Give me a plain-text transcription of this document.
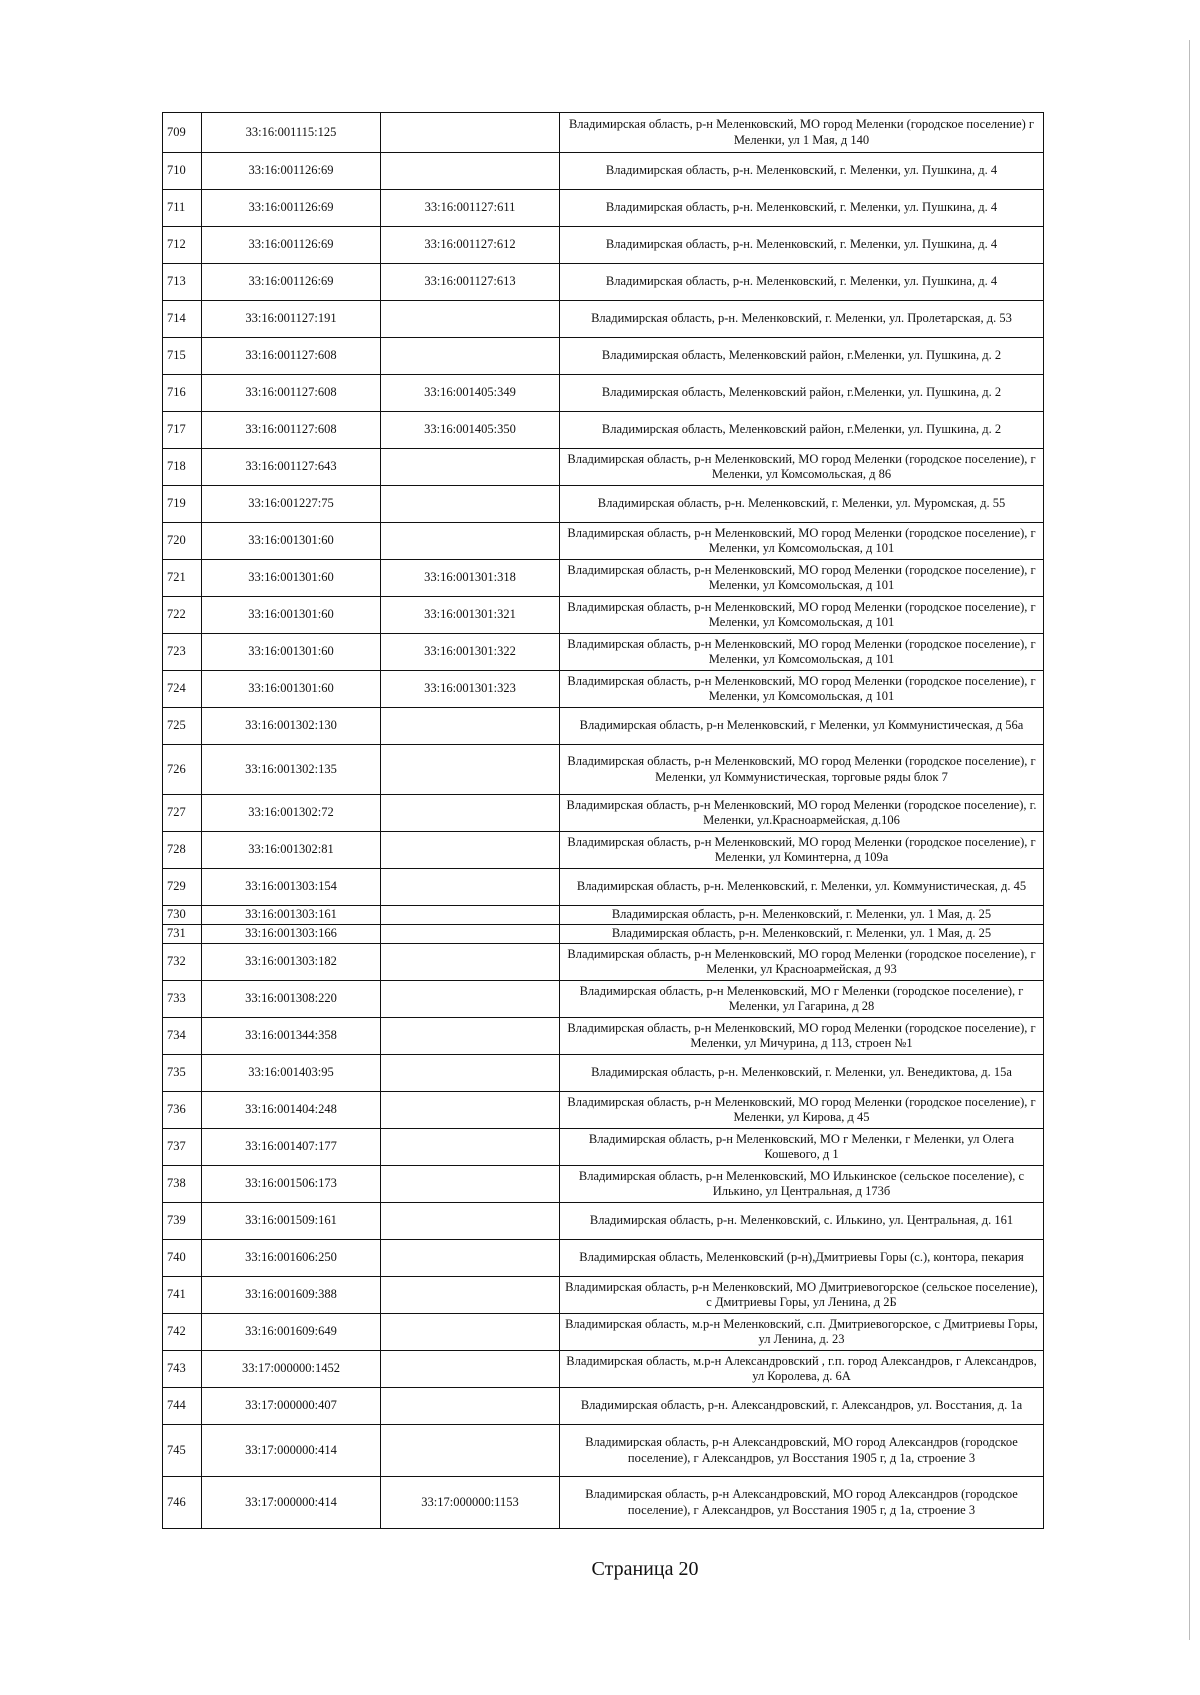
709	33:16:001115:125		Владимирская область, р-н Меленковский, МО город Меленки (городское поселение) г Меленки, ул 1 Мая, д 140
710	33:16:001126:69		Владимирская область, р-н. Меленковский, г. Меленки, ул. Пушкина, д. 4
711	33:16:001126:69	33:16:001127:611	Владимирская область, р-н. Меленковский, г. Меленки, ул. Пушкина, д. 4
712	33:16:001126:69	33:16:001127:612	Владимирская область, р-н. Меленковский, г. Меленки, ул. Пушкина, д. 4
713	33:16:001126:69	33:16:001127:613	Владимирская область, р-н. Меленковский, г. Меленки, ул. Пушкина, д. 4
714	33:16:001127:191		Владимирская область, р-н. Меленковский, г. Меленки, ул. Пролетарская, д. 53
715	33:16:001127:608		Владимирская область, Меленковский район, г.Меленки, ул. Пушкина, д. 2
716	33:16:001127:608	33:16:001405:349	Владимирская область, Меленковский район, г.Меленки, ул. Пушкина, д. 2
717	33:16:001127:608	33:16:001405:350	Владимирская область, Меленковский район, г.Меленки, ул. Пушкина, д. 2
718	33:16:001127:643		Владимирская область, р-н Меленковский, МО город Меленки (городское поселение), г Меленки, ул Комсомольская, д 86
719	33:16:001227:75		Владимирская область, р-н. Меленковский, г. Меленки, ул. Муромская, д. 55
720	33:16:001301:60		Владимирская область, р-н Меленковский, МО город Меленки (городское поселение), г Меленки, ул Комсомольская, д 101
721	33:16:001301:60	33:16:001301:318	Владимирская область, р-н Меленковский, МО город Меленки (городское поселение), г Меленки, ул Комсомольская, д 101
722	33:16:001301:60	33:16:001301:321	Владимирская область, р-н Меленковский, МО город Меленки (городское поселение), г Меленки, ул Комсомольская, д 101
723	33:16:001301:60	33:16:001301:322	Владимирская область, р-н Меленковский, МО город Меленки (городское поселение), г Меленки, ул Комсомольская, д 101
724	33:16:001301:60	33:16:001301:323	Владимирская область, р-н Меленковский, МО город Меленки (городское поселение), г Меленки, ул Комсомольская, д 101
725	33:16:001302:130		Владимирская область, р-н Меленковский, г Меленки, ул Коммунистическая, д 56а
726	33:16:001302:135		Владимирская область, р-н Меленковский, МО город Меленки (городское поселение), г Меленки, ул Коммунистическая, торговые ряды блок 7
727	33:16:001302:72		Владимирская область, р-н Меленковский, МО город Меленки (городское поселение), г. Меленки, ул.Красноармейская, д.106
728	33:16:001302:81		Владимирская область, р-н Меленковский, МО город Меленки (городское поселение), г Меленки, ул Коминтерна, д 109а
729	33:16:001303:154		Владимирская область, р-н. Меленковский, г. Меленки, ул. Коммунистическая, д. 45
730	33:16:001303:161		Владимирская область, р-н. Меленковский, г. Меленки, ул. 1 Мая, д. 25
731	33:16:001303:166		Владимирская область, р-н. Меленковский, г. Меленки, ул. 1 Мая, д. 25
732	33:16:001303:182		Владимирская область, р-н Меленковский, МО город Меленки (городское поселение), г Меленки, ул Красноармейская, д 93
733	33:16:001308:220		Владимирская область, р-н Меленковский, МО г Меленки (городское поселение), г Меленки, ул Гагарина, д 28
734	33:16:001344:358		Владимирская область, р-н Меленковский, МО город Меленки (городское поселение), г Меленки, ул Мичурина, д 113, строен №1
735	33:16:001403:95		Владимирская область, р-н. Меленковский, г. Меленки, ул. Венедиктова, д. 15а
736	33:16:001404:248		Владимирская область, р-н Меленковский, МО город Меленки (городское поселение), г Меленки, ул Кирова, д 45
737	33:16:001407:177		Владимирская область, р-н Меленковский, МО г Меленки, г Меленки, ул Олега Кошевого, д 1
738	33:16:001506:173		Владимирская область, р-н Меленковский, МО Илькинское (сельское поселение), с Илькино, ул Центральная, д 173б
739	33:16:001509:161		Владимирская область, р-н. Меленковский, с. Илькино, ул. Центральная, д. 161
740	33:16:001606:250		Владимирская область, Меленковский (р-н),Дмитриевы Горы (с.), контора, пекария
741	33:16:001609:388		Владимирская область, р-н Меленковский, МО Дмитриевогорское (сельское поселение), с Дмитриевы Горы, ул Ленина, д 2Б
742	33:16:001609:649		Владимирская область, м.р-н Меленковский, с.п. Дмитриевогорское, с Дмитриевы Горы, ул Ленина, д. 23
743	33:17:000000:1452		Владимирская область, м.р-н Александровский , г.п. город Александров, г Александров, ул Королева, д. 6А
744	33:17:000000:407		Владимирская область, р-н. Александровский, г. Александров, ул. Восстания, д. 1а
745	33:17:000000:414		Владимирская область, р-н Александровский, МО город Александров (городское поселение), г Александров, ул Восстания 1905 г, д 1а, строение 3
746	33:17:000000:414	33:17:000000:1153	Владимирская область, р-н Александровский, МО город Александров (городское поселение), г Александров, ул Восстания 1905 г, д 1а, строение 3
Страница 20
